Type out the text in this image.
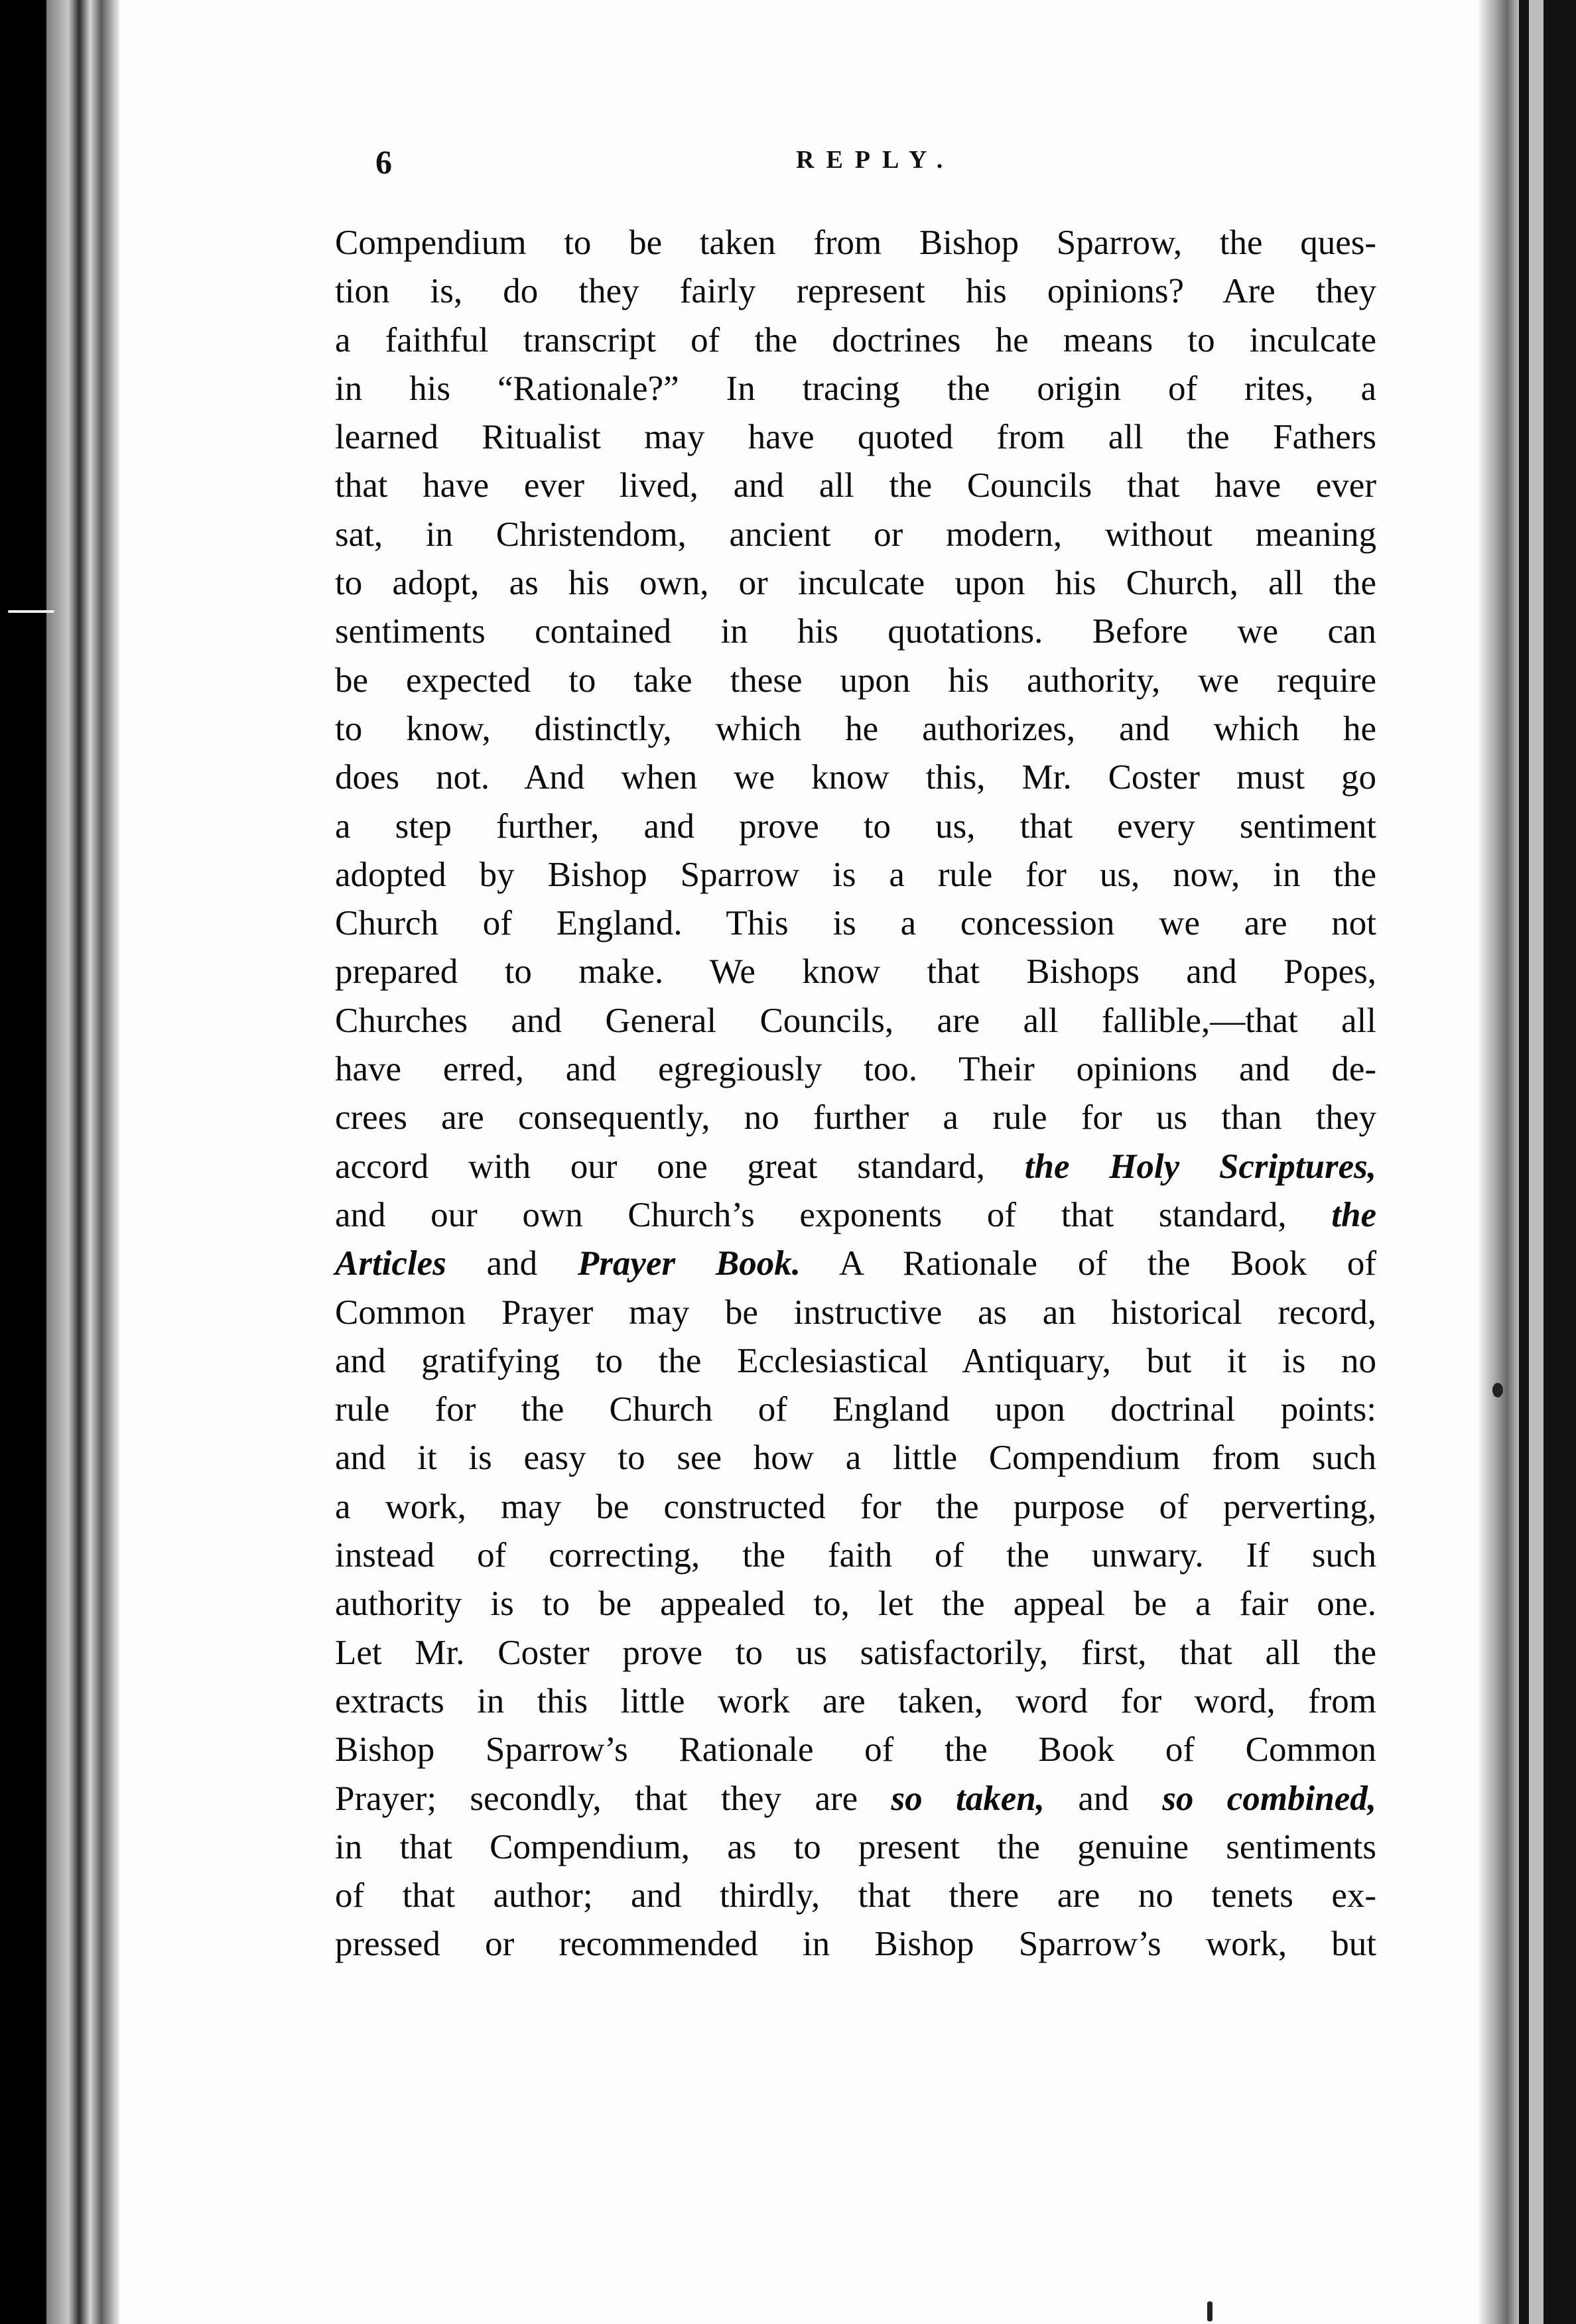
6	REPLY.
Compendium to be taken from Bishop Sparrow, the ques-
tion is, do they fairly represent his opinions? Are they
a faithful transcript of the doctrines he means to inculcate
in his “Rationale?” In tracing the origin of rites, a
learned Ritualist may have quoted from all the Fathers
that have ever lived, and all the Councils that have ever
sat, in Christendom, ancient or modern, without meaning
to adopt, as his own, or inculcate upon his Church, all the
sentiments contained in his quotations. Before we can
be expected to take these upon his authority, we require
to know, distinctly, which he authorizes, and which he
does not. And when we know this, Mr. Coster must go
a step further, and prove to us, that every sentiment
adopted by Bishop Sparrow is a rule for us, now, in the
Church of England. This is a concession we are not
prepared to make. We know that Bishops and Popes,
Churches and General Councils, are all fallible,—that all
have erred, and egregiously too. Their opinions and de-
crees are consequently, no further a rule for us than they
accord with our one great standard, the Holy Scriptures,
and our own Church’s exponents of that standard, the
Articles and Prayer Book. A Rationale of the Book of
Common Prayer may be instructive as an historical record,
and gratifying to the Ecclesiastical Antiquary, but it is no
rule for the Church of England upon doctrinal points:
and it is easy to see how a little Compendium from such
a work, may be constructed for the purpose of perverting,
instead of correcting, the faith of the unwary. If such
authority is to be appealed to, let the appeal be a fair one.
Let Mr. Coster prove to us satisfactorily, first, that all the
extracts in this little work are taken, word for word, from
Bishop Sparrow’s Rationale of the Book of Common
Prayer; secondly, that they are so taken, and so combined,
in that Compendium, as to present the genuine sentiments
of that author; and thirdly, that there are no tenets ex-
pressed or recommended in Bishop Sparrow’s work, but
